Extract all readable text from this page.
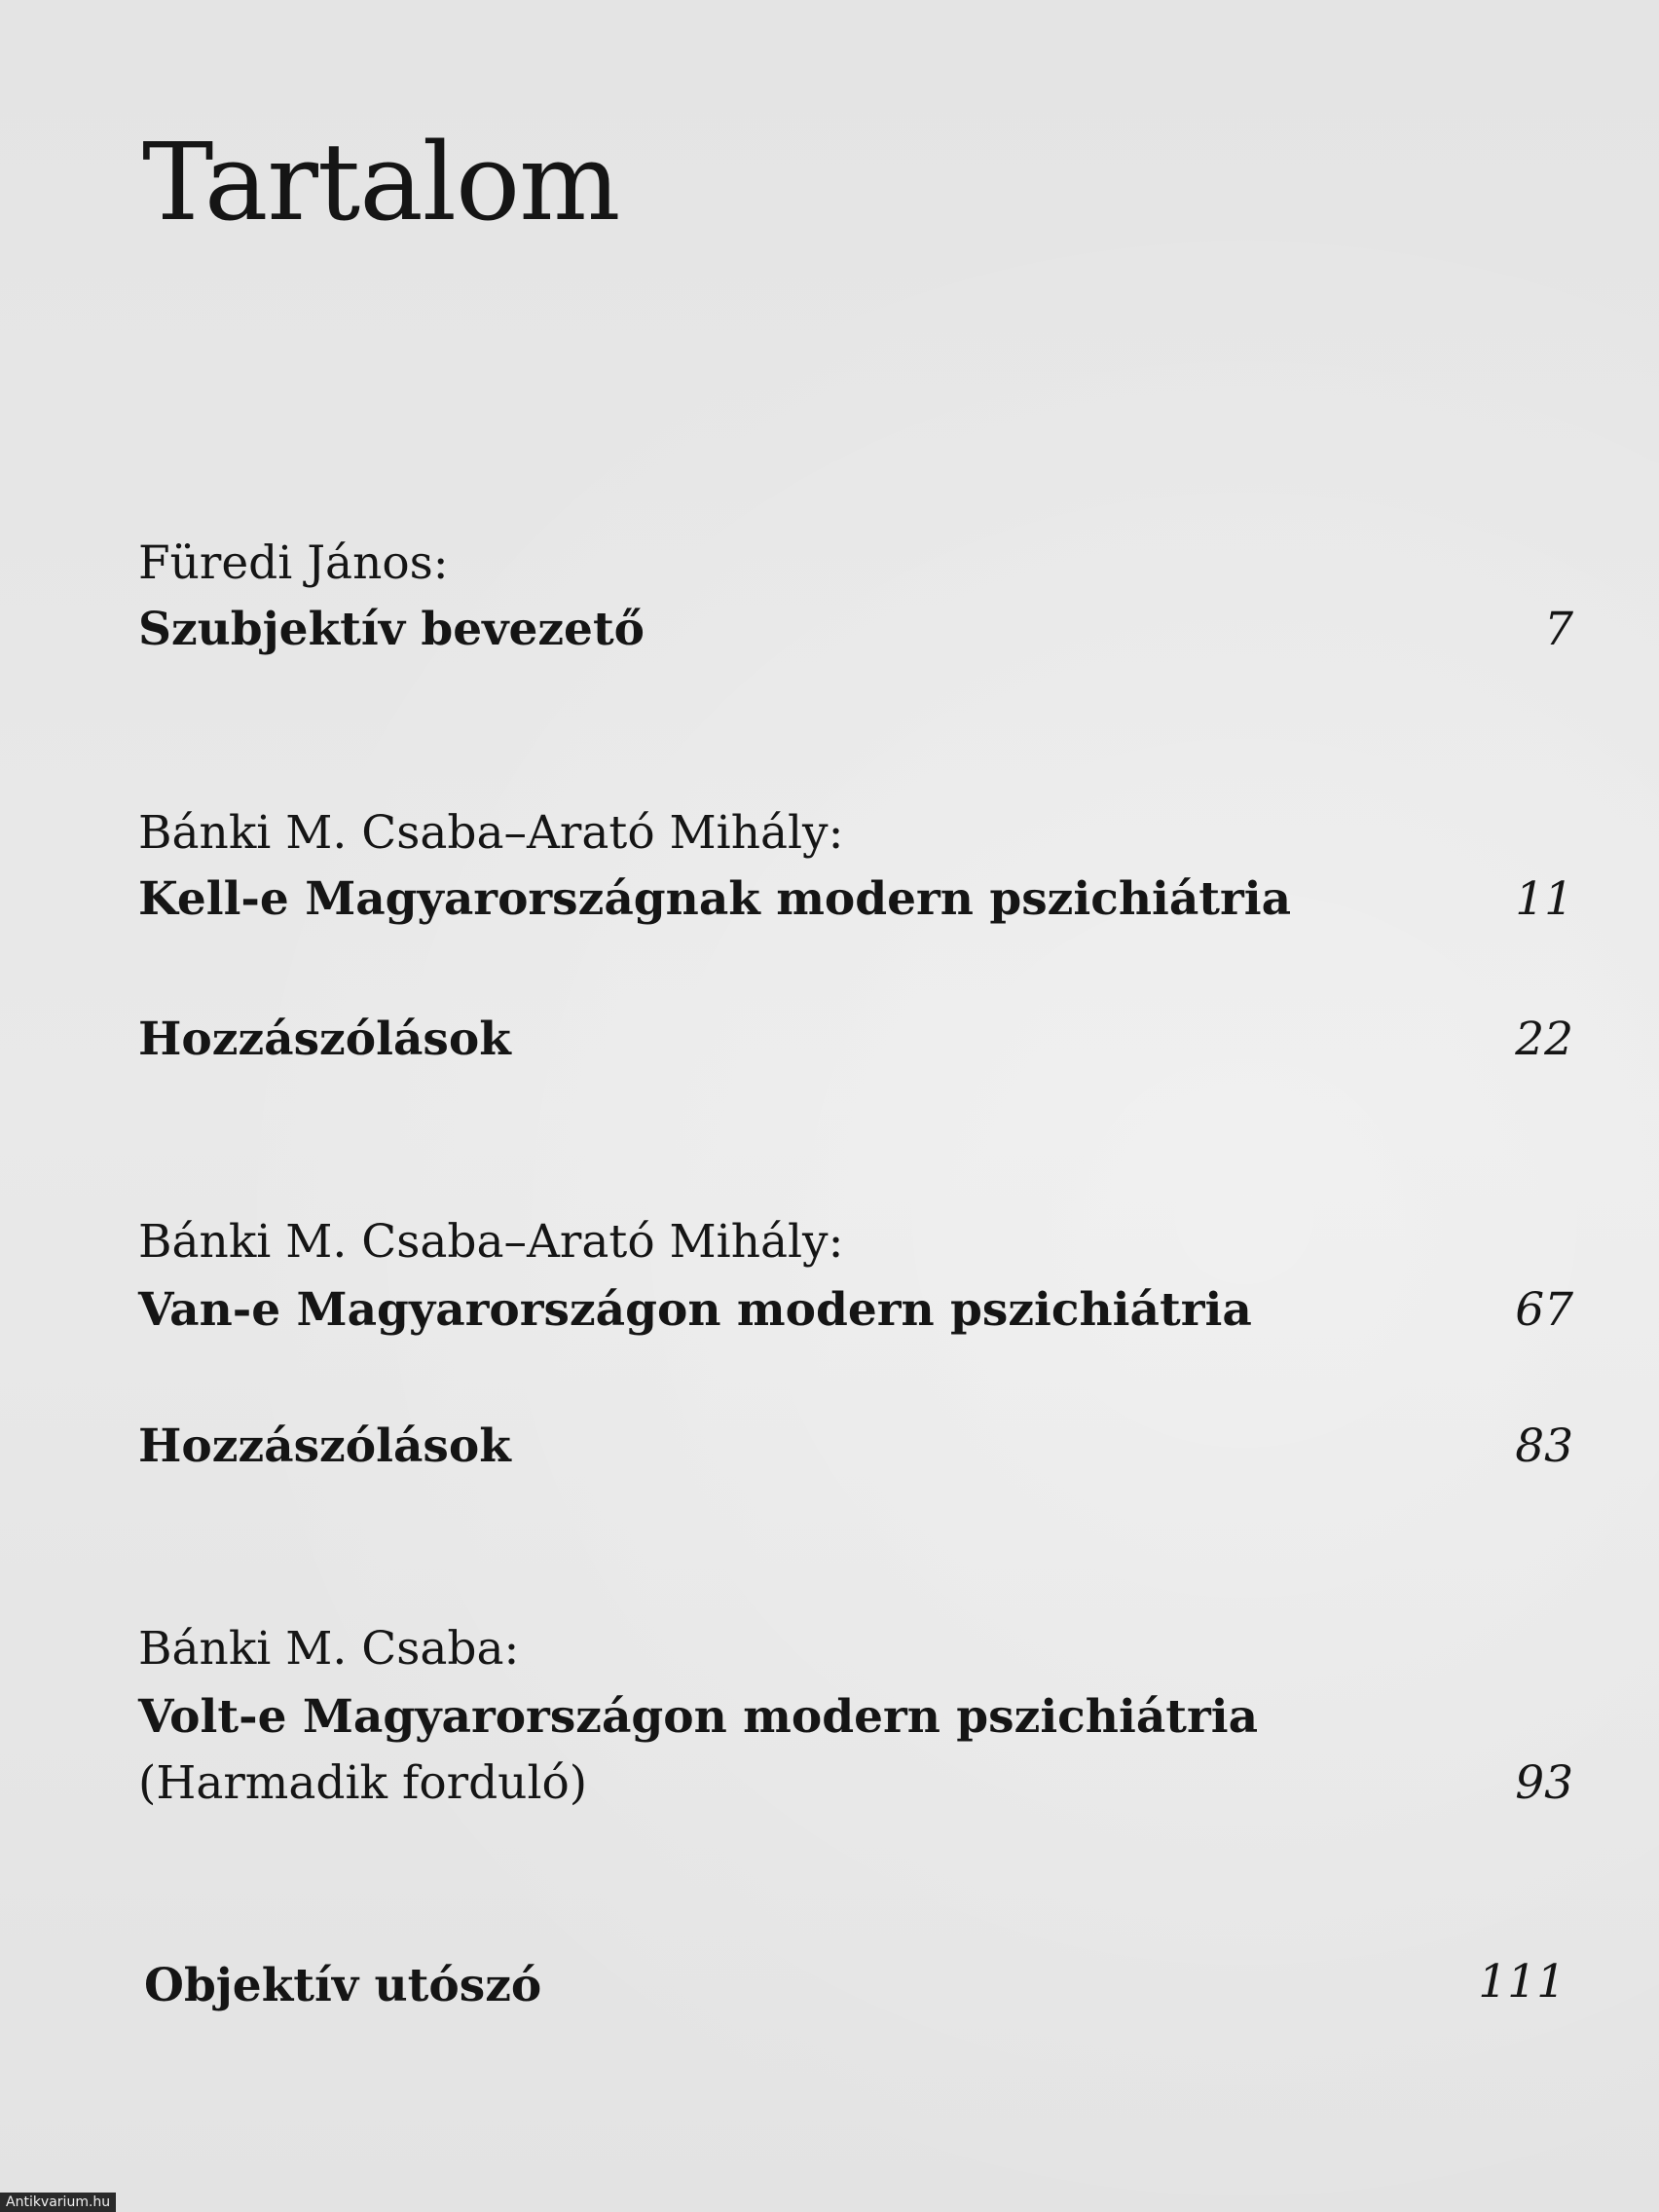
Tartalom
Füredi János:
Szubjektív bevezető	7
Bánki M. Csaba–Arató Mihály:
Kell-e Magyarországnak modern pszichiátria	11
Hozzászólások	22
Bánki M. Csaba–Arató Mihály:
Van-e Magyarországon modern pszichiátria	67
Hozzászólások	83
Bánki M. Csaba:
Volt-e Magyarországon modern pszichiátria
(Harmadik forduló)	93
Objektív utószó	111
Antikvarium.hu
